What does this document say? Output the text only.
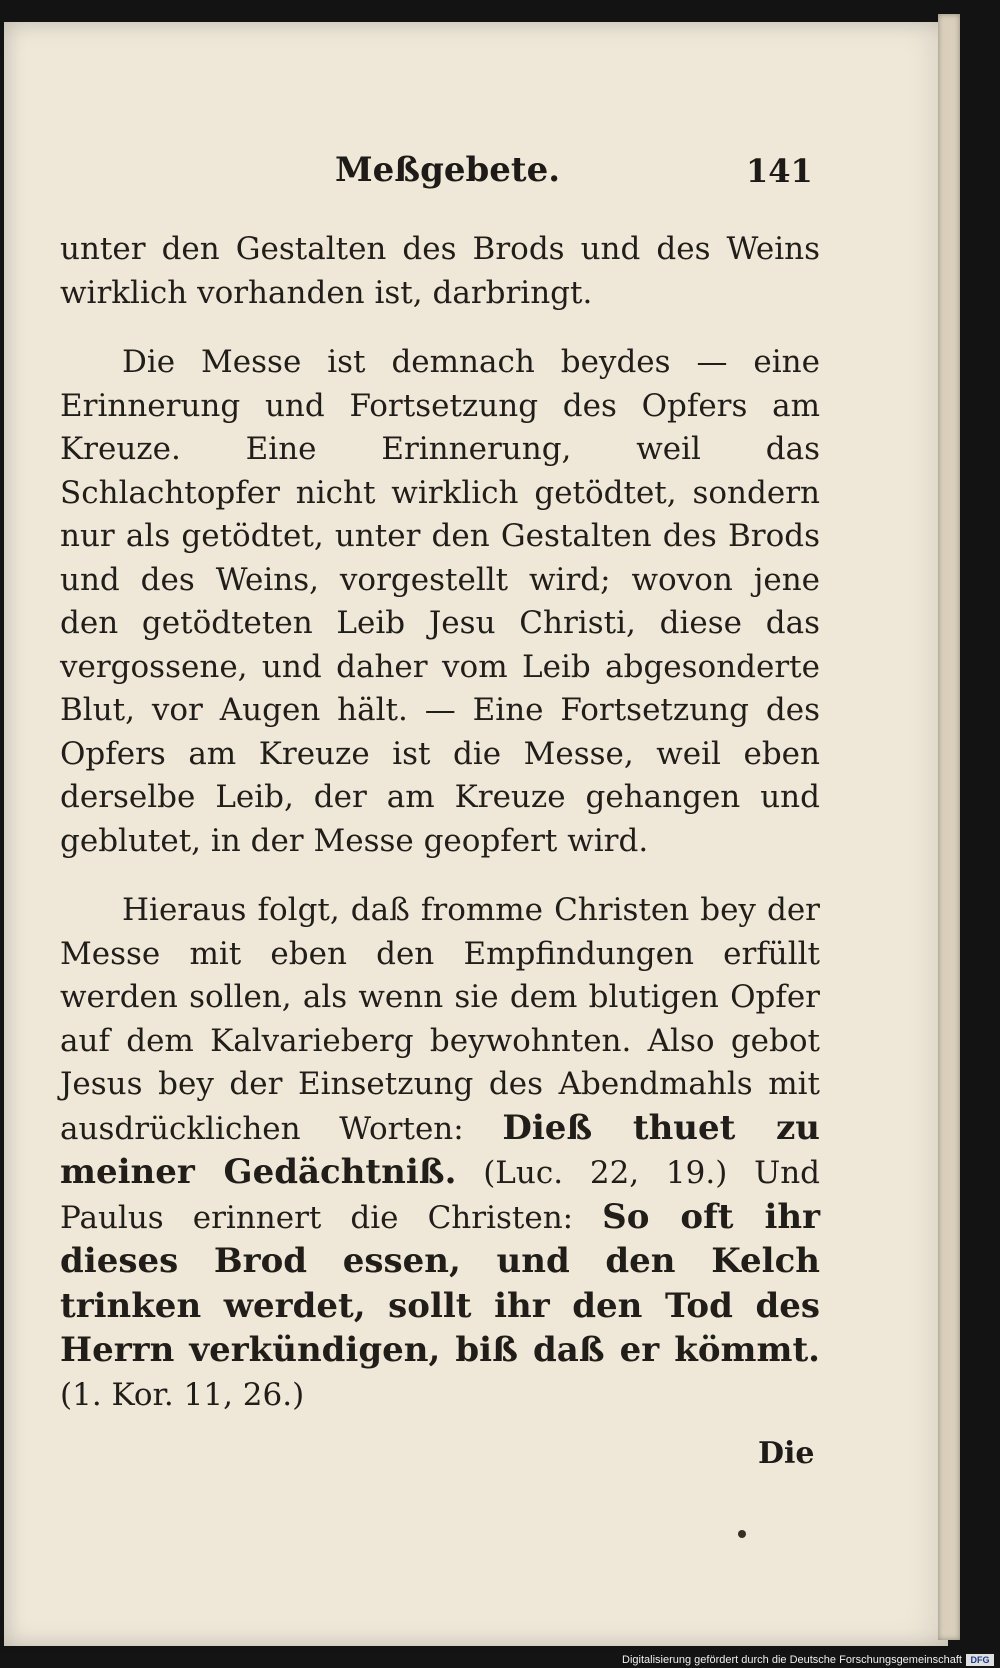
Meßgebete.	141

unter den Gestalten des Brods und des Weins wirklich vorhanden ist, darbringt.

Die Messe ist demnach beydes — eine Erinnerung und Fortsetzung des Opfers am Kreuze. Eine Erinnerung, weil das Schlachtopfer nicht wirklich getödtet, sondern nur als getödtet, unter den Gestalten des Brods und des Weins, vorgestellt wird; wovon jene den getödteten Leib Jesu Christi, diese das vergossene, und daher vom Leib abgesonderte Blut, vor Augen hält. — Eine Fortsetzung des Opfers am Kreuze ist die Messe, weil eben derselbe Leib, der am Kreuze gehangen und geblutet, in der Messe geopfert wird.

Hieraus folgt, daß fromme Christen bey der Messe mit eben den Empfindungen erfüllt werden sollen, als wenn sie dem blutigen Opfer auf dem Kalvarieberg beywohnten. Also gebot Jesus bey der Einsetzung des Abendmahls mit ausdrücklichen Worten: Dieß thuet zu meiner Gedächtniß. (Luc. 22, 19.) Und Paulus erinnert die Christen: So oft ihr dieses Brod essen, und den Kelch trinken werdet, sollt ihr den Tod des Herrn verkündigen, biß daß er kömmt. (1. Kor. 11, 26.)

Die
Digitalisierung gefördert durch die Deutsche Forschungsgemeinschaft DFG
